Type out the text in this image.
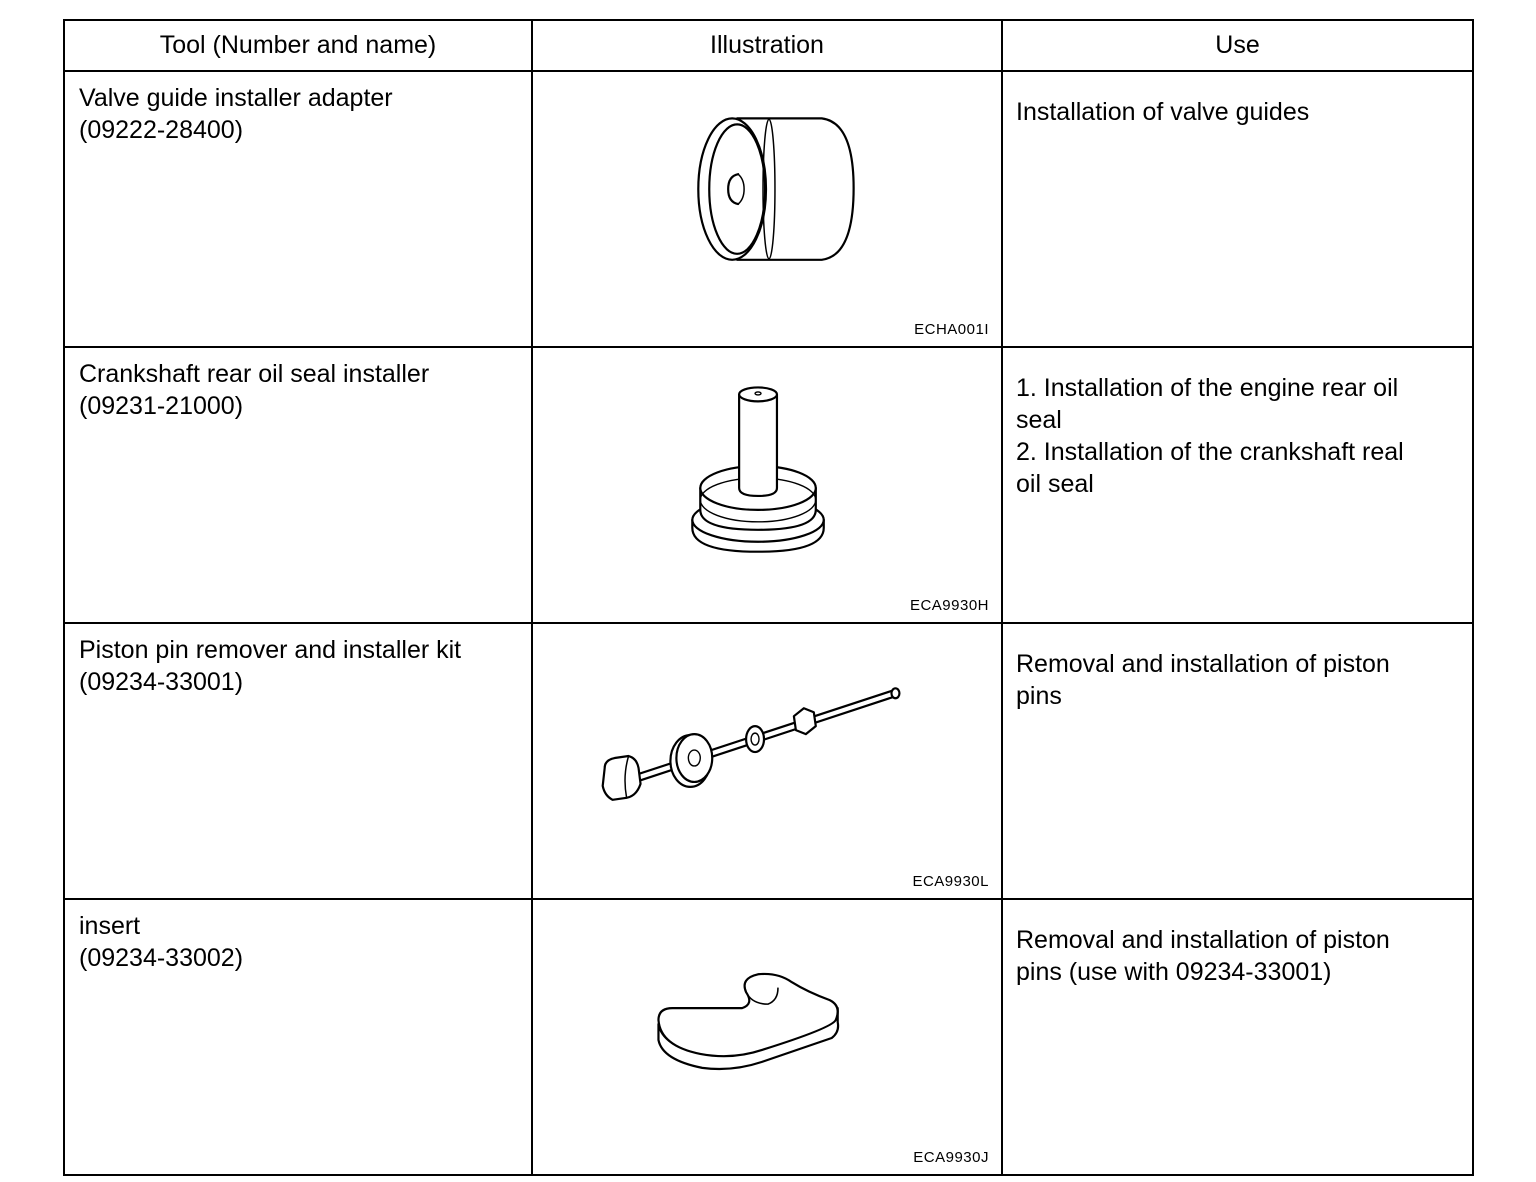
Tool (Number and name)	Illustration	Use

Valve guide installer adapter
(09222-28400)	ECHA001I	Installation of valve guides

Crankshaft rear oil seal installer
(09231-21000)	ECA9930H	1. Installation of the engine rear oil
seal
2. Installation of the crankshaft real
oil seal

Piston pin remover and installer kit
(09234-33001)	ECA9930L	Removal and installation of piston
pins

insert
(09234-33002)	ECA9930J	Removal and installation of piston
pins (use with 09234-33001)
